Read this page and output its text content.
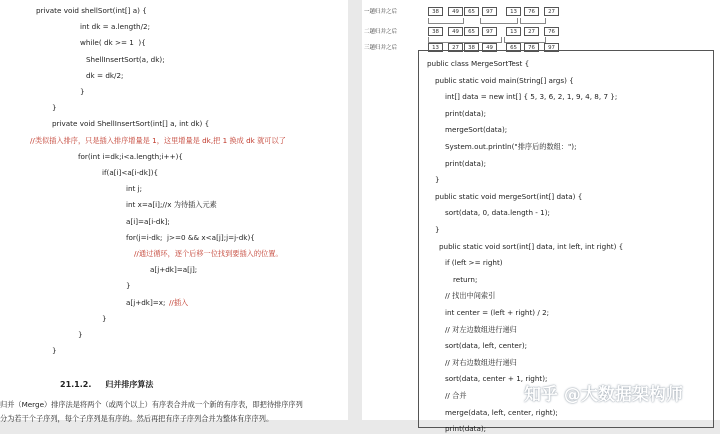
private void shellSort(int[] a) {
int dk = a.length/2;
while( dk >= 1  ){
ShellInsertSort(a, dk);
dk = dk/2;
}
}
private void ShellInsertSort(int[] a, int dk) {
//类似插入排序，只是插入排序增量是 1，这里增量是 dk,把 1 换成 dk 就可以了
for(int i=dk;i<a.length;i++){
if(a[i]<a[i-dk]){
int j;
int x=a[i];//x 为待插入元素
a[i]=a[i-dk];
for(j=i-dk;  j>=0 && x<a[j];j=j-dk){
//通过循环，逐个后移一位找到要插入的位置。
a[j+dk]=a[j];
}
a[j+dk]=x; //插入
}
}
}
21.1.2. 归并排序算法
归并（Merge）排序法是将两个（或两个以上）有序表合并成一个新的有序表，即把待排序序列
分为若干个子序列，每个子序列是有序的。然后再把有序子序列合并为整体有序序列。
一趟归并之后	38	49	65	97	13	76	27
二趟归并之后	38	49	65	97	13	27	76
三趟归并之后	13	27	38	49	65	76	97
public class MergeSortTest {
public static void main(String[] args) {
int[] data = new int[] { 5, 3, 6, 2, 1, 9, 4, 8, 7 };
print(data);
mergeSort(data);
System.out.println("排序后的数组：");
print(data);
}
public static void mergeSort(int[] data) {
sort(data, 0, data.length - 1);
}
public static void sort(int[] data, int left, int right) {
if (left >= right)
return;
// 找出中间索引
int center = (left + right) / 2;
// 对左边数组进行递归
sort(data, left, center);
// 对右边数组进行递归
sort(data, center + 1, right);
// 合并
merge(data, left, center, right);
print(data);
知乎 @大数据架构师
